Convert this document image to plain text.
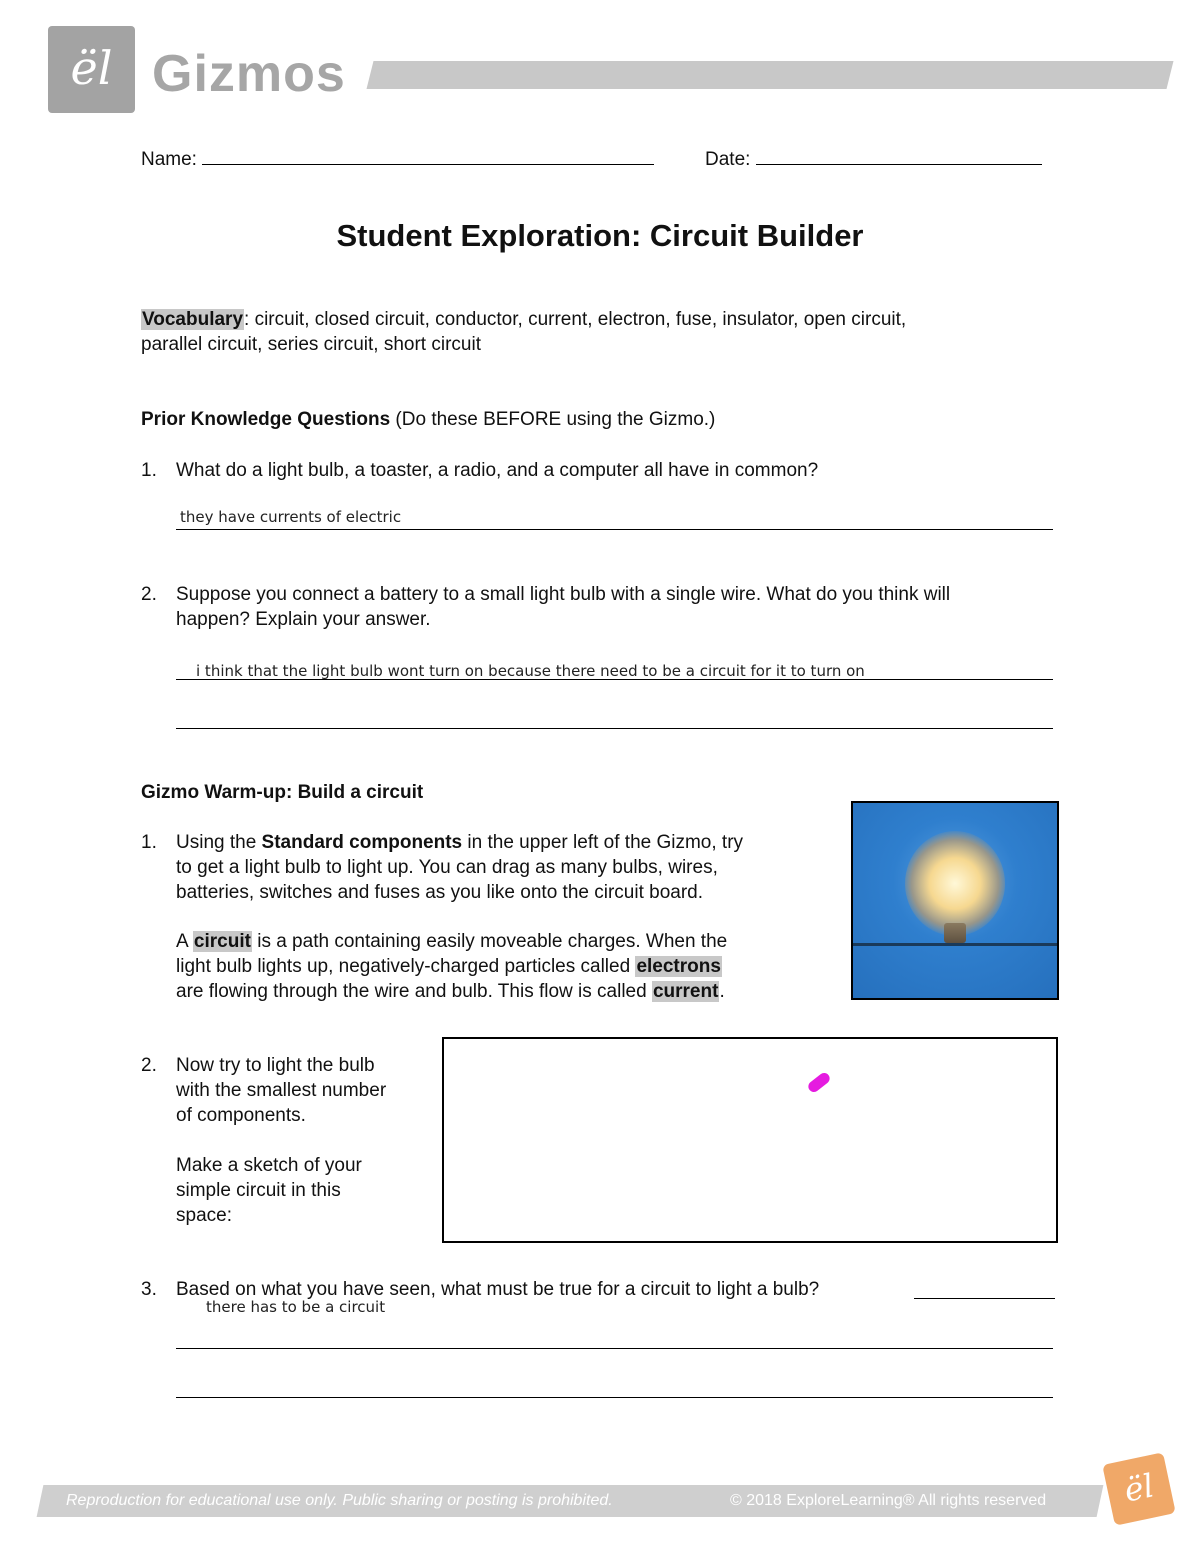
ël Gizmos
Name:	Date:
Student Exploration: Circuit Builder
Vocabulary: circuit, closed circuit, conductor, current, electron, fuse, insulator, open circuit,
parallel circuit, series circuit, short circuit
Prior Knowledge Questions (Do these BEFORE using the Gizmo.)
1. What do a light bulb, a toaster, a radio, and a computer all have in common?
they have currents of electric
2. Suppose you connect a battery to a small light bulb with a single wire. What do you think will
happen? Explain your answer.
i think that the light bulb wont turn on because there need to be a circuit for it to turn on
Gizmo Warm-up: Build a circuit
1. Using the Standard components in the upper left of the Gizmo, try
to get a light bulb to light up. You can drag as many bulbs, wires,
batteries, switches and fuses as you like onto the circuit board.
A circuit is a path containing easily moveable charges. When the
light bulb lights up, negatively-charged particles called electrons
are flowing through the wire and bulb. This flow is called current.
2. Now try to light the bulb
with the smallest number
of components.
Make a sketch of your
simple circuit in this
space:
3. Based on what you have seen, what must be true for a circuit to light a bulb?
there has to be a circuit
Reproduction for educational use only. Public sharing or posting is prohibited.	© 2018 ExploreLearning® All rights reserved	ël
